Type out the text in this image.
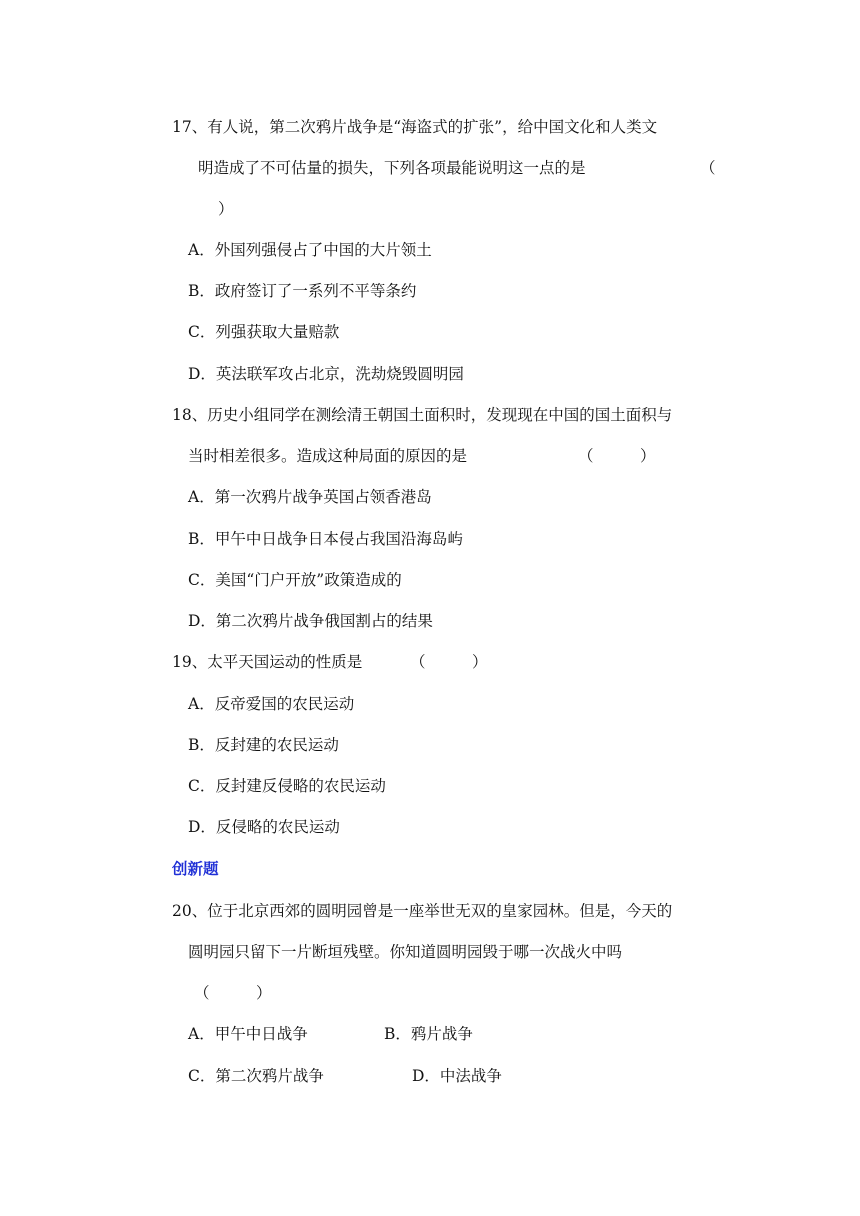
17、有人说，第二次鸦片战争是“海盗式的扩张”，给中国文化和人类文
明造成了不可估量的损失，下列各项最能说明这一点的是	（
）
A．外国列强侵占了中国的大片领土
B．政府签订了一系列不平等条约
C．列强获取大量赔款
D．英法联军攻占北京，洗劫烧毁圆明园
18、历史小组同学在测绘清王朝国土面积时，发现现在中国的国土面积与
当时相差很多。造成这种局面的原因的是	（　　　）
A．第一次鸦片战争英国占领香港岛
B．甲午中日战争日本侵占我国沿海岛屿
C．美国“门户开放”政策造成的
D．第二次鸦片战争俄国割占的结果
19、太平天国运动的性质是	（　　　）
A．反帝爱国的农民运动
B．反封建的农民运动
C．反封建反侵略的农民运动
D．反侵略的农民运动
创新题
20、位于北京西郊的圆明园曾是一座举世无双的皇家园林。但是，今天的
圆明园只留下一片断垣残壁。你知道圆明园毁于哪一次战火中吗
（　　　）
A．甲午中日战争	B．鸦片战争
C．第二次鸦片战争	D．中法战争
